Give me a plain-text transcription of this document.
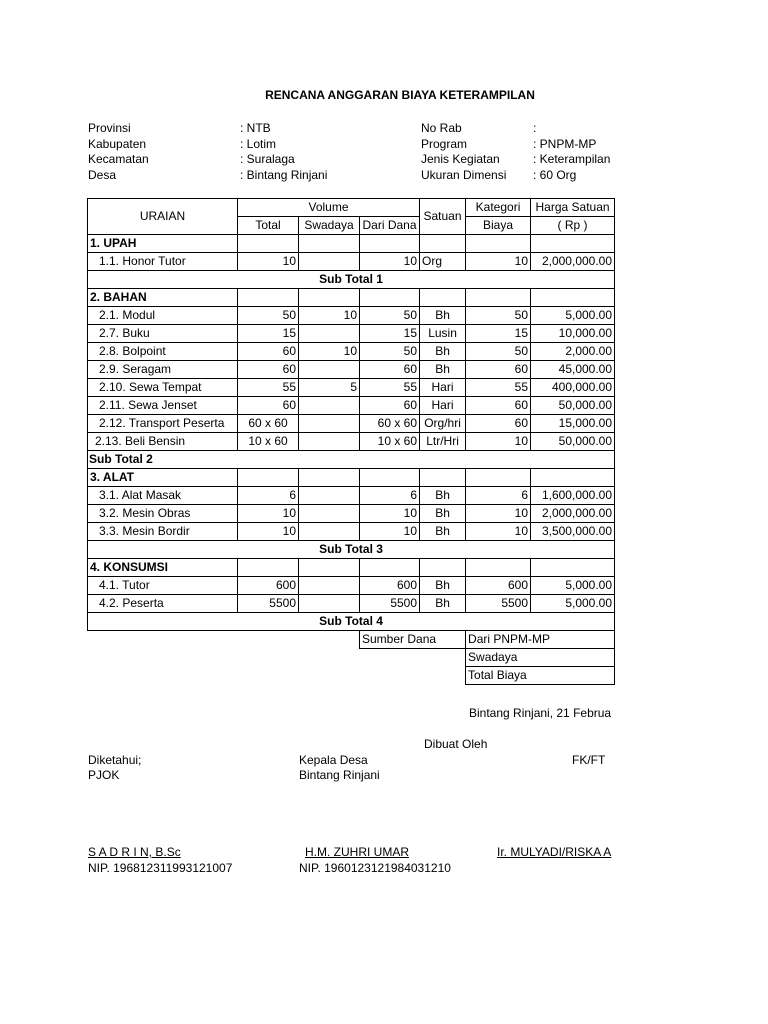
RENCANA ANGGARAN BIAYA KETERAMPILAN
Provinsi	: NTB	No Rab	:
Kabupaten	: Lotim	Program	: PNPM-MP
Kecamatan	: Suralaga	Jenis Kegiatan	: Keterampilan
Desa	: Bintang Rinjani	Ukuran Dimensi : 60 Org
URAIAN	Volume			Satuan	Kategori	Harga Satuan
	Total	Swadaya	Dari Dana		Biaya	( Rp )
1. UPAH						
1.1. Honor Tutor	10		10	Org	10	2,000,000.00
Sub Total 1						
2. BAHAN						
2.1. Modul	50	10	50	Bh	50	5,000.00
2.7. Buku	15		15	Lusin	15	10,000.00
2.8. Bolpoint	60	10	50	Bh	50	2,000.00
2.9. Seragam	60		60	Bh	60	45,000.00
2.10. Sewa Tempat	55	5	55	Hari	55	400,000.00
2.11. Sewa Jenset	60		60	Hari	60	50,000.00
2.12. Transport Peserta	60 x 60		60 x 60	Org/hri	60	15,000.00
2.13. Beli Bensin	10 x 60		10 x 60	Ltr/Hri	10	50,000.00
Sub Total 2						
3. ALAT						
3.1. Alat Masak	6		6	Bh	6	1,600,000.00
3.2. Mesin Obras	10		10	Bh	10	2,000,000.00
3.3. Mesin Bordir	10		10	Bh	10	3,500,000.00
Sub Total 3						
4. KONSUMSI						
4.1. Tutor	600		600	Bh	600	5,000.00
4.2. Peserta	5500		5500	Bh	5500	5,000.00
Sub Total 4						
			Sumber Dana		Dari PNPM-MP	
					Swadaya	
					Total Biaya	
Bintang Rinjani, 21 Februa
Dibuat Oleh
Diketahui;
PJOK
Kepala Desa
Bintang Rinjani
FK/FT
S A D R I N, B.Sc
NIP. 196812311993121007
H.M. ZUHRI UMAR
NIP. 1960123121984031210
Ir. MULYADI/RISKA A
